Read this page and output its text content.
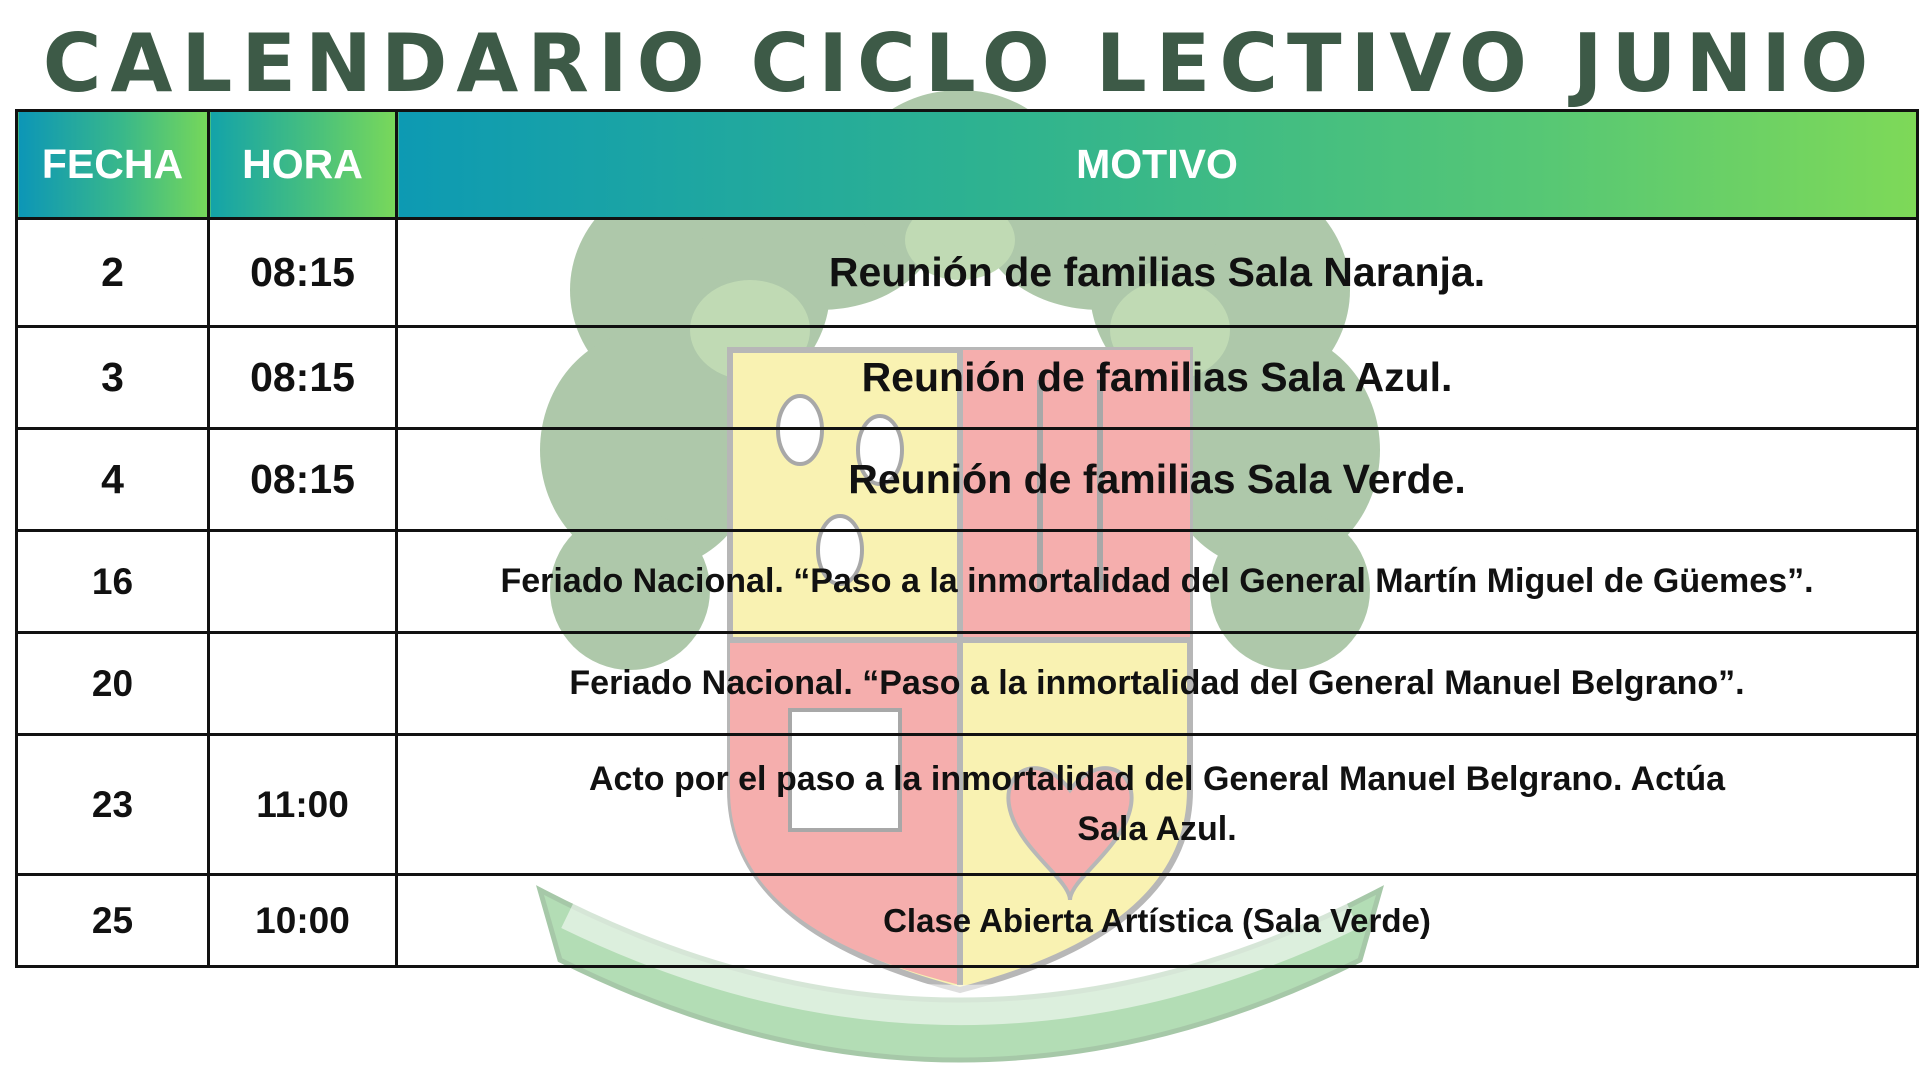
CALENDARIO CICLO LECTIVO JUNIO
FECHA	HORA	MOTIVO
2	08:15	Reunión de familias Sala Naranja.
3	08:15	Reunión de familias Sala Azul.
4	08:15	Reunión de familias Sala Verde.
16		Feriado Nacional. “Paso a la inmortalidad del General Martín Miguel de Güemes”.
20		Feriado Nacional. “Paso a la inmortalidad del General Manuel Belgrano”.
23	11:00	Acto por el paso a la inmortalidad del General Manuel Belgrano. Actúa
Sala Azul.
25	10:00	Clase Abierta Artística (Sala Verde)
